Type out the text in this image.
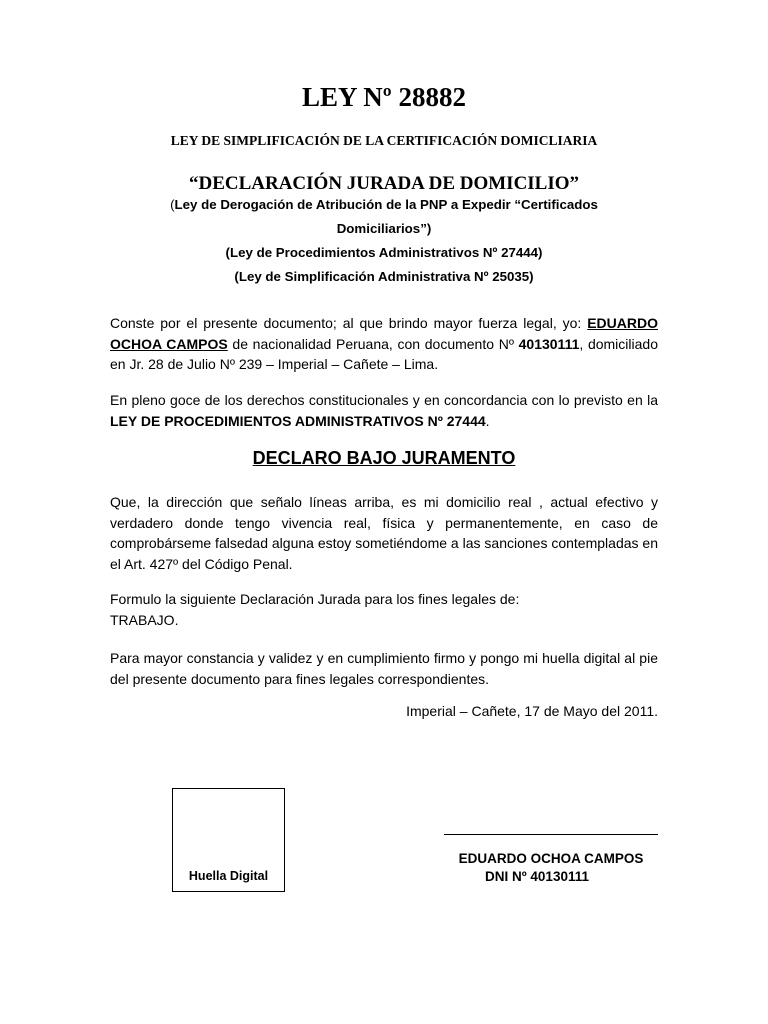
LEY Nº 28882

LEY DE SIMPLIFICACIÓN DE LA CERTIFICACIÓN DOMICLIARIA

“DECLARACIÓN JURADA DE DOMICILIO”

(Ley de Derogación de Atribución de la PNP a Expedir “Certificados
Domiciliarios”)

(Ley de Procedimientos Administrativos Nº 27444)

(Ley de Simplificación Administrativa Nº 25035)

Conste por el presente documento; al que brindo mayor fuerza legal, yo: EDUARDO OCHOA CAMPOS de nacionalidad Peruana, con documento Nº 40130111, domiciliado en Jr. 28 de Julio Nº 239 – Imperial – Cañete – Lima.

En pleno goce de los derechos constitucionales y en concordancia con lo previsto en la LEY DE PROCEDIMIENTOS ADMINISTRATIVOS Nº 27444.

DECLARO BAJO JURAMENTO

Que, la dirección que señalo líneas arriba, es mi domicilio real , actual efectivo y verdadero donde tengo vivencia real, física y permanentemente, en caso de comprobárseme falsedad alguna estoy sometiéndome a las sanciones contempladas en el Art. 427º del Código Penal.

Formulo la siguiente Declaración Jurada para los fines legales de:
TRABAJO.

Para mayor constancia y validez y en cumplimiento firmo y pongo mi huella digital al pie del presente documento para fines legales correspondientes.

Imperial – Cañete, 17 de Mayo del 2011.

Huella Digital
EDUARDO OCHOA CAMPOS
DNI Nº 40130111
